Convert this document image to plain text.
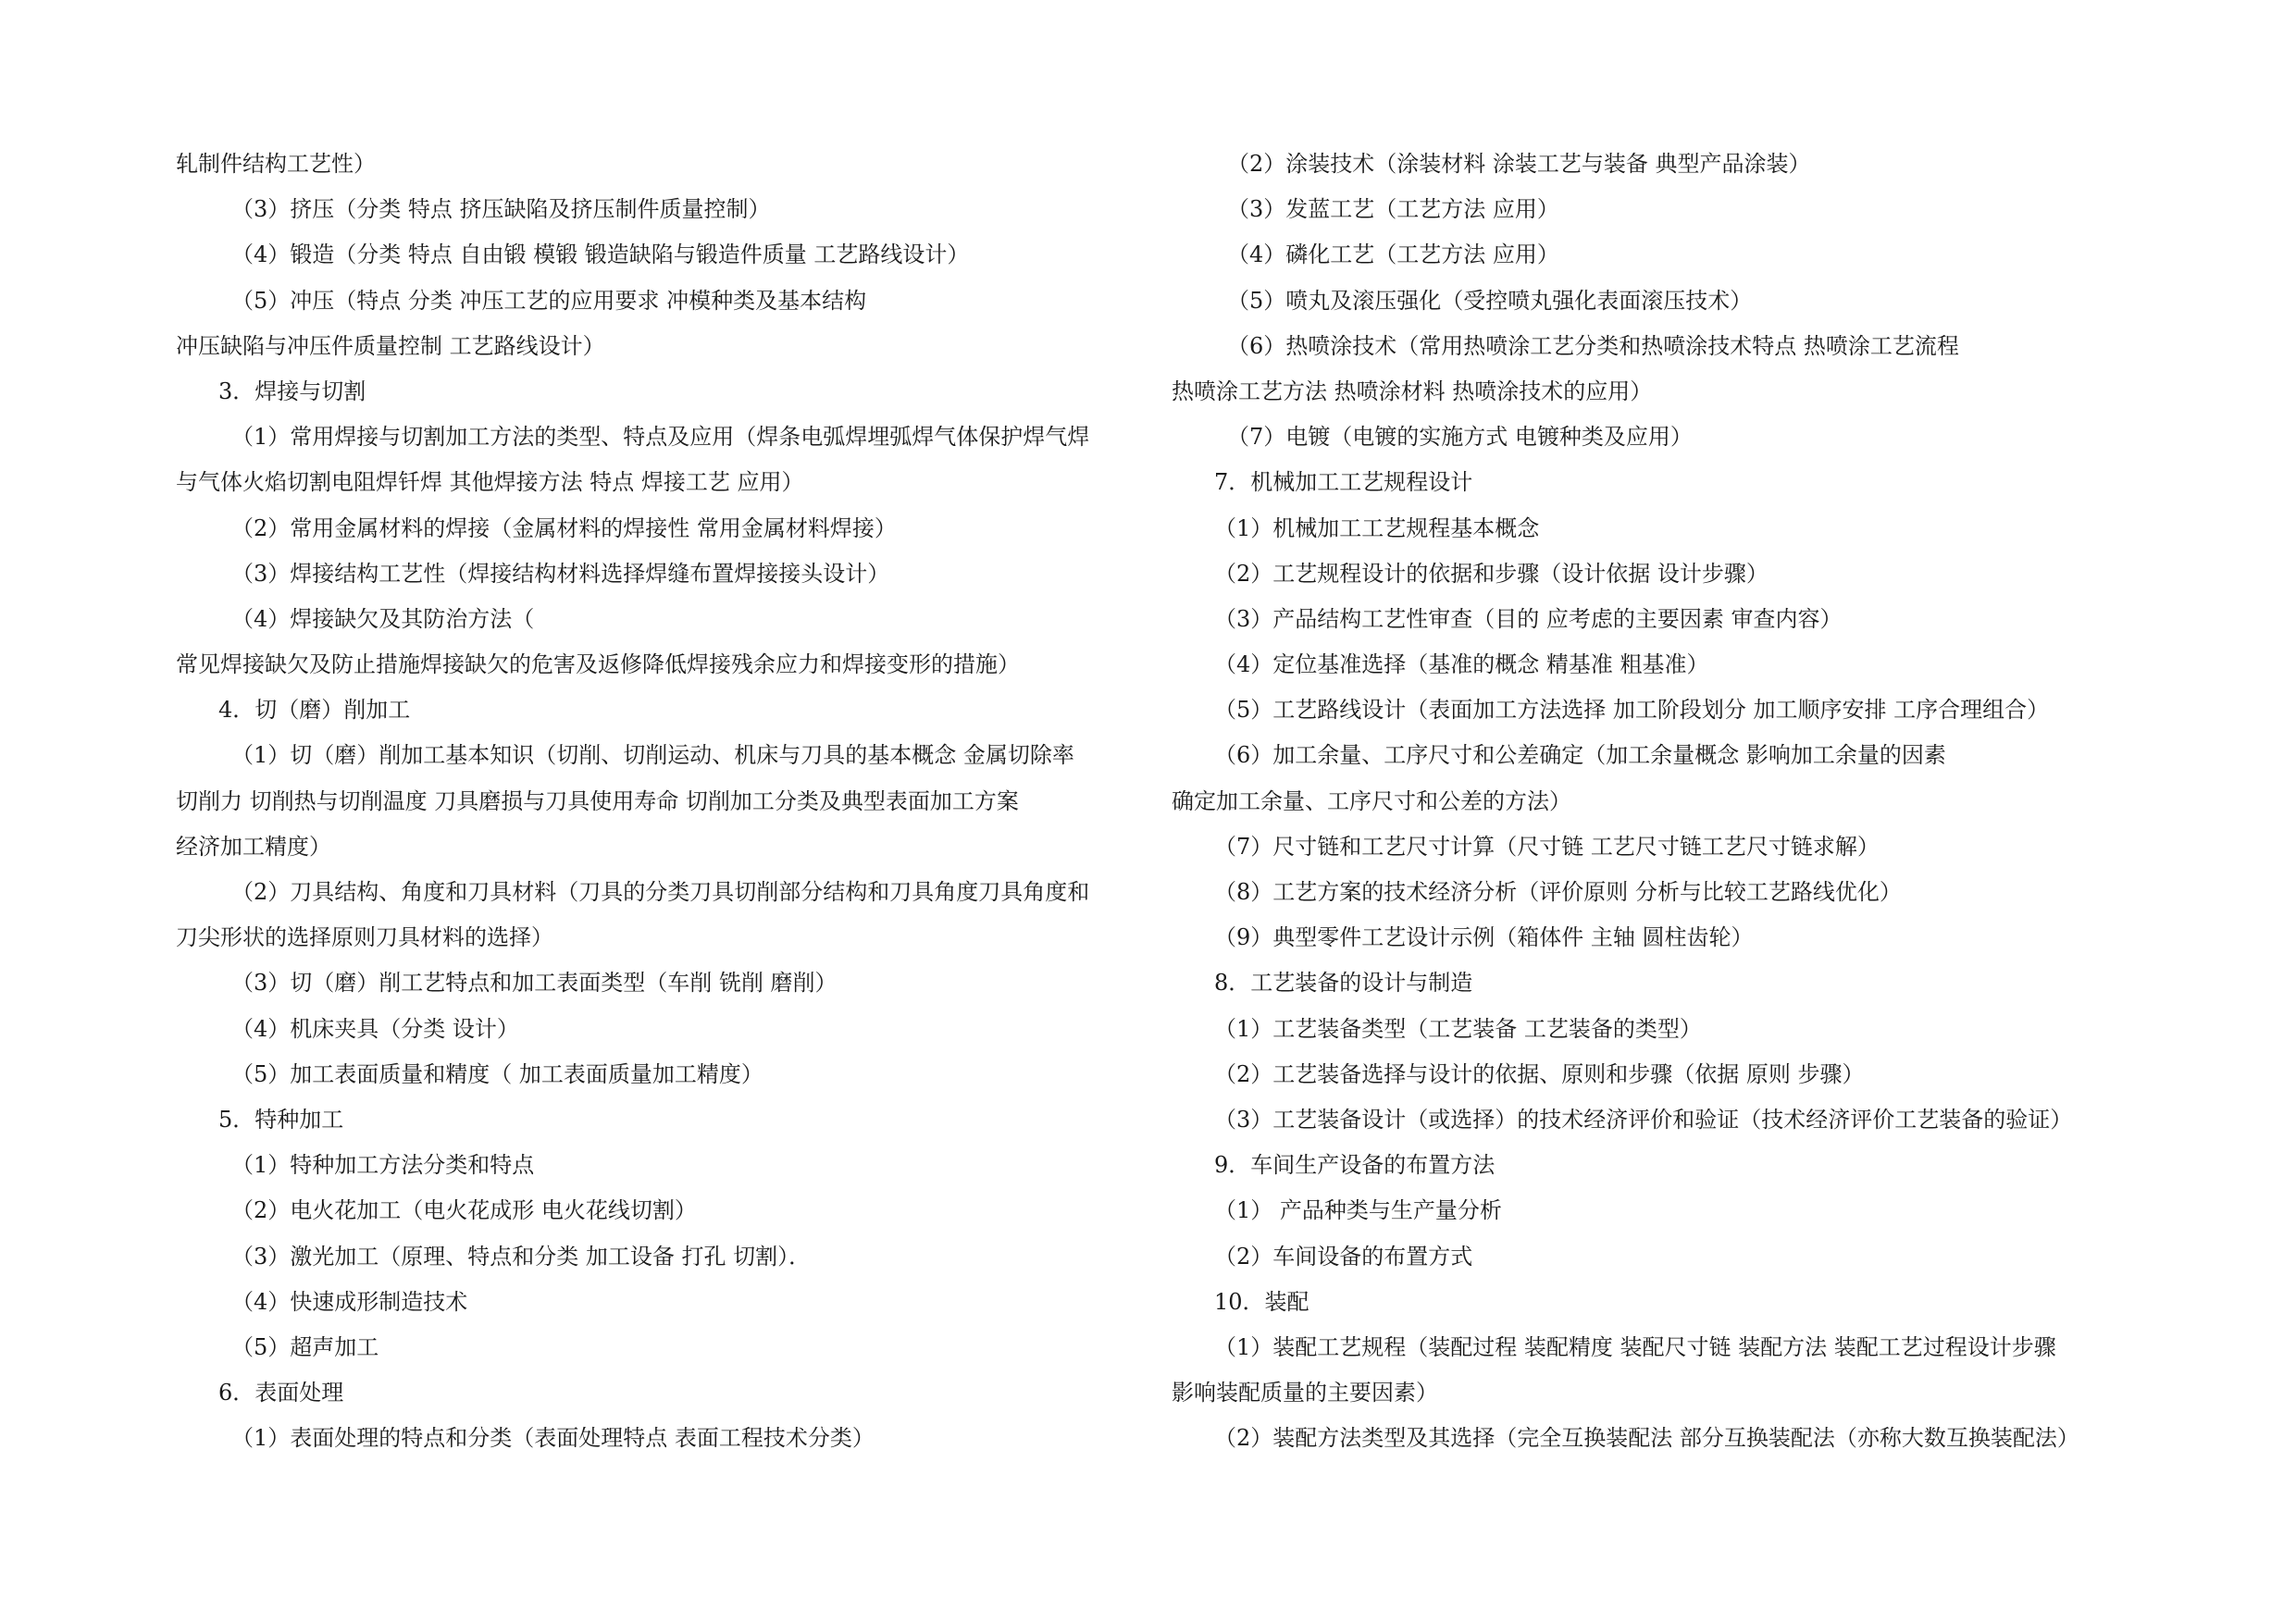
轧制件结构工艺性）
（3）挤压（分类 特点 挤压缺陷及挤压制件质量控制）
（4）锻造（分类 特点 自由锻 模锻 锻造缺陷与锻造件质量 工艺路线设计）
（5）冲压（特点 分类 冲压工艺的应用要求 冲模种类及基本结构
冲压缺陷与冲压件质量控制 工艺路线设计）
3．焊接与切割
（1）常用焊接与切割加工方法的类型、特点及应用（焊条电弧焊埋弧焊气体保护焊气焊
与气体火焰切割电阻焊钎焊 其他焊接方法 特点 焊接工艺 应用）
（2）常用金属材料的焊接（金属材料的焊接性 常用金属材料焊接）
（3）焊接结构工艺性（焊接结构材料选择焊缝布置焊接接头设计）
（4）焊接缺欠及其防治方法（
常见焊接缺欠及防止措施焊接缺欠的危害及返修降低焊接残余应力和焊接变形的措施）
4．切（磨）削加工
（1）切（磨）削加工基本知识（切削、切削运动、机床与刀具的基本概念 金属切除率
切削力 切削热与切削温度 刀具磨损与刀具使用寿命 切削加工分类及典型表面加工方案
经济加工精度）
（2）刀具结构、角度和刀具材料（刀具的分类刀具切削部分结构和刀具角度刀具角度和
刀尖形状的选择原则刀具材料的选择）
（3）切（磨）削工艺特点和加工表面类型（车削 铣削 磨削）
（4）机床夹具（分类 设计）
（5）加工表面质量和精度（ 加工表面质量加工精度）
5．特种加工
（1）特种加工方法分类和特点
（2）电火花加工（电火花成形 电火花线切割）
（3）激光加工（原理、特点和分类 加工设备 打孔 切割）．
（4）快速成形制造技术
（5）超声加工
6．表面处理
（1）表面处理的特点和分类（表面处理特点 表面工程技术分类）
（2）涂装技术（涂装材料 涂装工艺与装备 典型产品涂装）
（3）发蓝工艺（工艺方法 应用）
（4）磷化工艺（工艺方法 应用）
（5）喷丸及滚压强化（受控喷丸强化表面滚压技术）
（6）热喷涂技术（常用热喷涂工艺分类和热喷涂技术特点 热喷涂工艺流程
热喷涂工艺方法 热喷涂材料 热喷涂技术的应用）
（7）电镀（电镀的实施方式 电镀种类及应用）
7．机械加工工艺规程设计
（1）机械加工工艺规程基本概念
（2）工艺规程设计的依据和步骤（设计依据 设计步骤）
（3）产品结构工艺性审查（目的 应考虑的主要因素 审查内容）
（4）定位基准选择（基准的概念 精基准 粗基准）
（5）工艺路线设计（表面加工方法选择 加工阶段划分 加工顺序安排 工序合理组合）
（6）加工余量、工序尺寸和公差确定（加工余量概念 影响加工余量的因素
确定加工余量、工序尺寸和公差的方法）
（7）尺寸链和工艺尺寸计算（尺寸链 工艺尺寸链工艺尺寸链求解）
（8）工艺方案的技术经济分析（评价原则 分析与比较工艺路线优化）
（9）典型零件工艺设计示例（箱体件 主轴 圆柱齿轮）
8．工艺装备的设计与制造
（1）工艺装备类型（工艺装备 工艺装备的类型）
（2）工艺装备选择与设计的依据、原则和步骤（依据 原则 步骤）
（3）工艺装备设计（或选择）的技术经济评价和验证（技术经济评价工艺装备的验证）
9．车间生产设备的布置方法
（1） 产品种类与生产量分析
（2）车间设备的布置方式
10．装配
（1）装配工艺规程（装配过程 装配精度 装配尺寸链 装配方法 装配工艺过程设计步骤
影响装配质量的主要因素）
（2）装配方法类型及其选择（完全互换装配法 部分互换装配法（亦称大数互换装配法）
